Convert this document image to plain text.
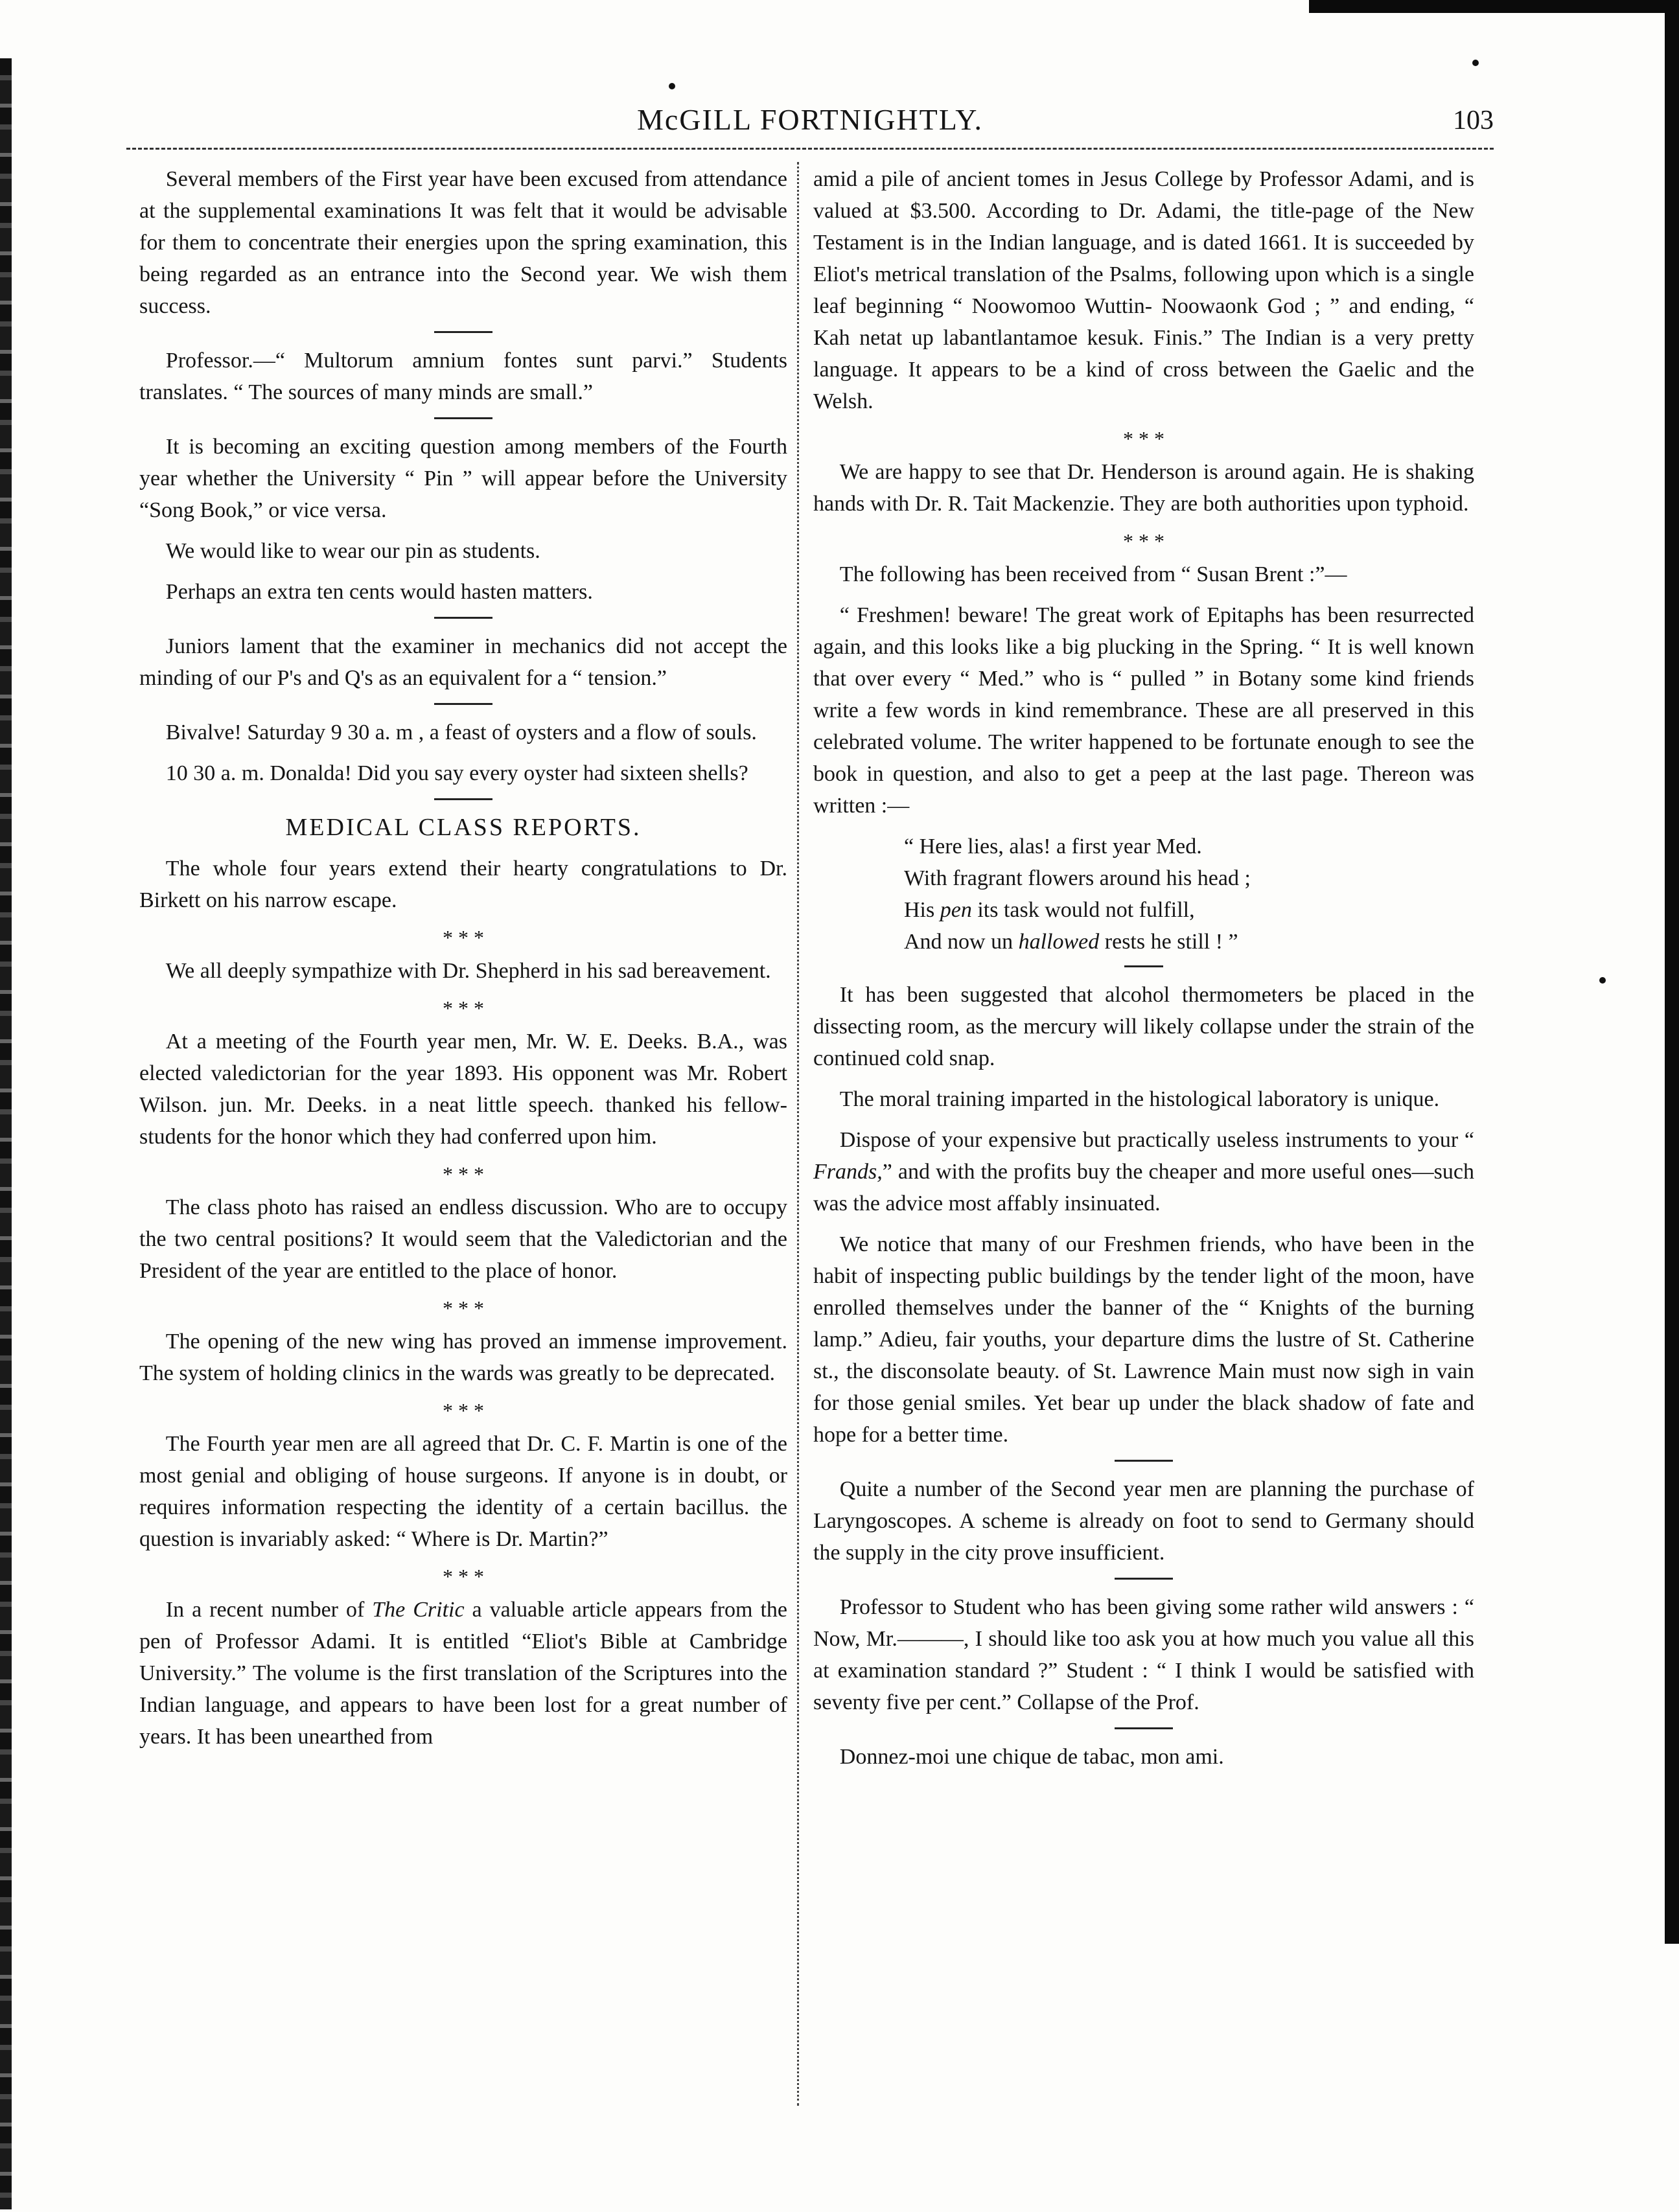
McGILL FORTNIGHTLY.	103

Several members of the First year have been excused from attendance at the supplemental examinations It was felt that it would be advisable for them to concentrate their energies upon the spring examination, this being regarded as an entrance into the Second year. We wish them success.

Professor.—“ Multorum amnium fontes sunt parvi.” Students translates. “ The sources of many minds are small.”

It is becoming an exciting question among members of the Fourth year whether the University “ Pin ” will appear before the University “Song Book,” or vice versa.

We would like to wear our pin as students.

Perhaps an extra ten cents would hasten matters.

Juniors lament that the examiner in mechanics did not accept the minding of our P's and Q's as an equivalent for a “ tension.”

Bivalve! Saturday 9 30 a. m , a feast of oysters and a flow of souls.

10 30 a. m. Donalda! Did you say every oyster had sixteen shells?

MEDICAL CLASS REPORTS.

The whole four years extend their hearty congratulations to Dr. Birkett on his narrow escape.

* * *

We all deeply sympathize with Dr. Shepherd in his sad bereavement.

* * *

At a meeting of the Fourth year men, Mr. W. E. Deeks. B.A., was elected valedictorian for the year 1893. His opponent was Mr. Robert Wilson. jun. Mr. Deeks. in a neat little speech. thanked his fellow-students for the honor which they had conferred upon him.

* * *

The class photo has raised an endless discussion. Who are to occupy the two central positions? It would seem that the Valedictorian and the President of the year are entitled to the place of honor.

* * *

The opening of the new wing has proved an immense improvement. The system of holding clinics in the wards was greatly to be deprecated.

* * *

The Fourth year men are all agreed that Dr. C. F. Martin is one of the most genial and obliging of house surgeons. If anyone is in doubt, or requires information respecting the identity of a certain bacillus. the question is invariably asked: “ Where is Dr. Martin?”

* * *

In a recent number of The Critic a valuable article appears from the pen of Professor Adami. It is entitled “Eliot's Bible at Cambridge University.” The volume is the first translation of the Scriptures into the Indian language, and appears to have been lost for a great number of years. It has been unearthed from

amid a pile of ancient tomes in Jesus College by Professor Adami, and is valued at $3.500. According to Dr. Adami, the title-page of the New Testament is in the Indian language, and is dated 1661. It is succeeded by Eliot's metrical translation of the Psalms, following upon which is a single leaf beginning “ Noowomoo Wuttin- Noowaonk God ; ” and ending, “ Kah netat up labantlantamoe kesuk. Finis.” The Indian is a very pretty language. It appears to be a kind of cross between the Gaelic and the Welsh.

* * *

We are happy to see that Dr. Henderson is around again. He is shaking hands with Dr. R. Tait Mackenzie. They are both authorities upon typhoid.

* * *

The following has been received from “ Susan Brent :”—

“ Freshmen! beware! The great work of Epitaphs has been resurrected again, and this looks like a big plucking in the Spring. “ It is well known that over every “ Med.” who is “ pulled ” in Botany some kind friends write a few words in kind remembrance. These are all preserved in this celebrated volume. The writer happened to be fortunate enough to see the book in question, and also to get a peep at the last page. Thereon was written :—

“ Here lies, alas! a first year Med.
With fragrant flowers around his head ;
His pen its task would not fulfill,
And now un hallowed rests he still ! ”

It has been suggested that alcohol thermometers be placed in the dissecting room, as the mercury will likely collapse under the strain of the continued cold snap.

The moral training imparted in the histological laboratory is unique.

Dispose of your expensive but practically useless instruments to your “ Frands,” and with the profits buy the cheaper and more useful ones—such was the advice most affably insinuated.

We notice that many of our Freshmen friends, who have been in the habit of inspecting public buildings by the tender light of the moon, have enrolled themselves under the banner of the “ Knights of the burning lamp.” Adieu, fair youths, your departure dims the lustre of St. Catherine st., the disconsolate beauty. of St. Lawrence Main must now sigh in vain for those genial smiles. Yet bear up under the black shadow of fate and hope for a better time.

Quite a number of the Second year men are planning the purchase of Laryngoscopes. A scheme is already on foot to send to Germany should the supply in the city prove insufficient.

Professor to Student who has been giving some rather wild answers : “ Now, Mr.———, I should like too ask you at how much you value all this at examination standard ?” Student : “ I think I would be satisfied with seventy five per cent.” Collapse of the Prof.

Donnez-moi une chique de tabac, mon ami.
